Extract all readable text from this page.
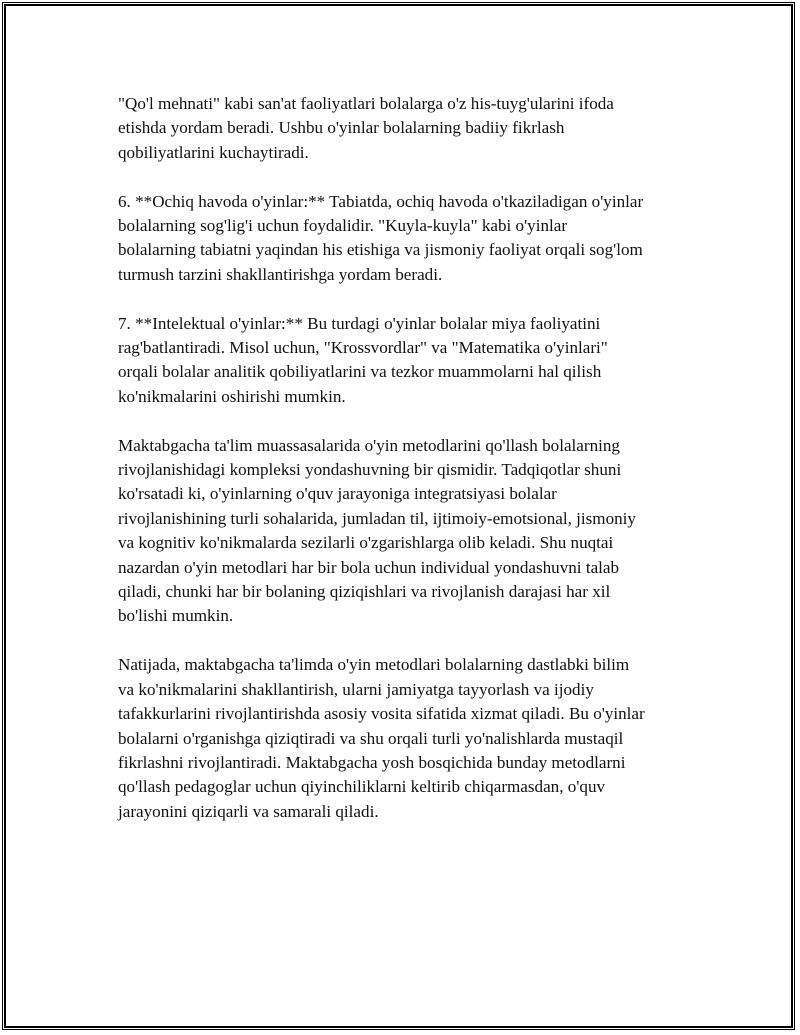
"Qo'l mehnati" kabi san'at faoliyatlari bolalarga o'z his-tuyg'ularini ifoda
etishda yordam beradi. Ushbu o'yinlar bolalarning badiiy fikrlash
qobiliyatlarini kuchaytiradi.

6. **Ochiq havoda o'yinlar:** Tabiatda, ochiq havoda o'tkaziladigan o'yinlar
bolalarning sog'lig'i uchun foydalidir. "Kuyla-kuyla" kabi o'yinlar
bolalarning tabiatni yaqindan his etishiga va jismoniy faoliyat orqali sog'lom
turmush tarzini shakllantirishga yordam beradi.

7. **Intelektual o'yinlar:** Bu turdagi o'yinlar bolalar miya faoliyatini
rag'batlantiradi. Misol uchun, "Krossvordlar" va "Matematika o'yinlari"
orqali bolalar analitik qobiliyatlarini va tezkor muammolarni hal qilish
ko'nikmalarini oshirishi mumkin.

Maktabgacha ta'lim muassasalarida o'yin metodlarini qo'llash bolalarning
rivojlanishidagi kompleksi yondashuvning bir qismidir. Tadqiqotlar shuni
ko'rsatadi ki, o'yinlarning o'quv jarayoniga integratsiyasi bolalar
rivojlanishining turli sohalarida, jumladan til, ijtimoiy-emotsional, jismoniy
va kognitiv ko'nikmalarda sezilarli o'zgarishlarga olib keladi. Shu nuqtai
nazardan o'yin metodlari har bir bola uchun individual yondashuvni talab
qiladi, chunki har bir bolaning qiziqishlari va rivojlanish darajasi har xil
bo'lishi mumkin.

Natijada, maktabgacha ta'limda o'yin metodlari bolalarning dastlabki bilim
va ko'nikmalarini shakllantirish, ularni jamiyatga tayyorlash va ijodiy
tafakkurlarini rivojlantirishda asosiy vosita sifatida xizmat qiladi. Bu o'yinlar
bolalarni o'rganishga qiziqtiradi va shu orqali turli yo'nalishlarda mustaqil
fikrlashni rivojlantiradi. Maktabgacha yosh bosqichida bunday metodlarni
qo'llash pedagoglar uchun qiyinchiliklarni keltirib chiqarmasdan, o'quv
jarayonini qiziqarli va samarali qiladi.
